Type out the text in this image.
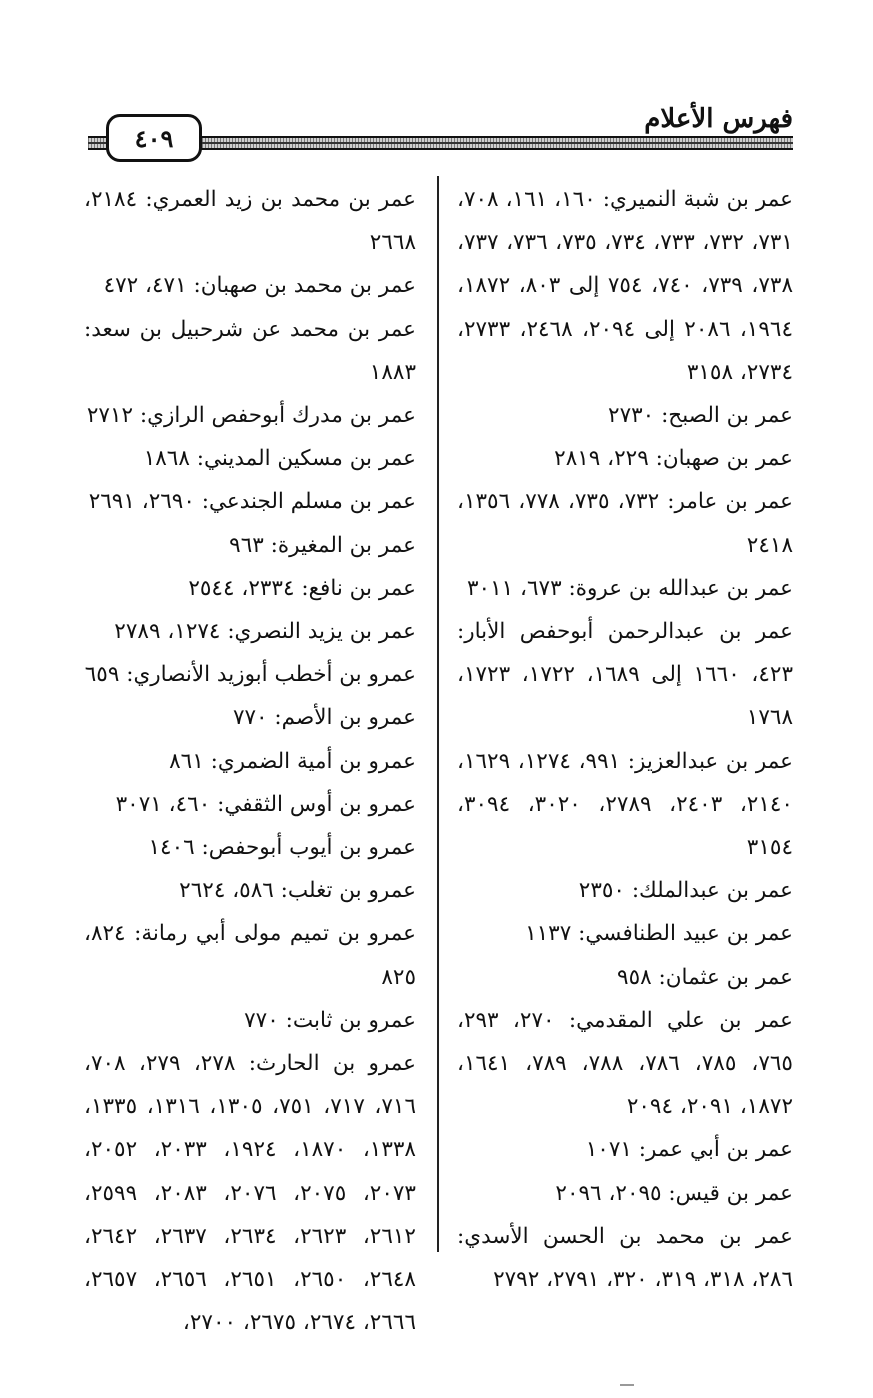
فهرس الأعلام
٤٠٩

عمر بن شبة النميري: ١٦٠، ١٦١، ٧٠٨، ٧٣١، ٧٣٢، ٧٣٣، ٧٣٤، ٧٣٥، ٧٣٦، ٧٣٧، ٧٣٨، ٧٣٩، ٧٤٠، ٧٥٤ إلى ٨٠٣، ١٨٧٢، ١٩٦٤، ٢٠٨٦ إلى ٢٠٩٤، ٢٤٦٨، ٢٧٣٣، ٢٧٣٤، ٣١٥٨

عمر بن الصبح: ٢٧٣٠

عمر بن صهبان: ٢٢٩، ٢٨١٩

عمر بن عامر: ٧٣٢، ٧٣٥، ٧٧٨، ١٣٥٦، ٢٤١٨

عمر بن عبدالله بن عروة: ٦٧٣، ٣٠١١

عمر بن عبدالرحمن أبوحفص الأبار: ٤٢٣، ١٦٦٠ إلى ١٦٨٩، ١٧٢٢، ١٧٢٣، ١٧٦٨

عمر بن عبدالعزيز: ٩٩١، ١٢٧٤، ١٦٢٩، ٢١٤٠، ٢٤٠٣، ٢٧٨٩، ٣٠٢٠، ٣٠٩٤، ٣١٥٤

عمر بن عبدالملك: ٢٣٥٠

عمر بن عبيد الطنافسي: ١١٣٧

عمر بن عثمان: ٩٥٨

عمر بن علي المقدمي: ٢٧٠، ٢٩٣، ٧٦٥، ٧٨٥، ٧٨٦، ٧٨٨، ٧٨٩، ١٦٤١، ١٨٧٢، ٢٠٩١، ٢٠٩٤

عمر بن أبي عمر: ١٠٧١

عمر بن قيس: ٢٠٩٥، ٢٠٩٦

عمر بن محمد بن الحسن الأسدي: ٢٨٦، ٣١٨، ٣١٩، ٣٢٠، ٢٧٩١، ٢٧٩٢

عمر بن محمد بن زيد العمري: ٢١٨٤، ٢٦٦٨

عمر بن محمد بن صهبان: ٤٧١، ٤٧٢

عمر بن محمد عن شرحبيل بن سعد: ١٨٨٣

عمر بن مدرك أبوحفص الرازي: ٢٧١٢

عمر بن مسكين المديني: ١٨٦٨

عمر بن مسلم الجندعي: ٢٦٩٠، ٢٦٩١

عمر بن المغيرة: ٩٦٣

عمر بن نافع: ٢٣٣٤، ٢٥٤٤

عمر بن يزيد النصري: ١٢٧٤، ٢٧٨٩

عمرو بن أخطب أبوزيد الأنصاري: ٦٥٩

عمرو بن الأصم: ٧٧٠

عمرو بن أمية الضمري: ٨٦١

عمرو بن أوس الثقفي: ٤٦٠، ٣٠٧١

عمرو بن أيوب أبوحفص: ١٤٠٦

عمرو بن تغلب: ٥٨٦، ٢٦٢٤

عمرو بن تميم مولى أبي رمانة: ٨٢٤، ٨٢٥

عمرو بن ثابت: ٧٧٠

عمرو بن الحارث: ٢٧٨، ٢٧٩، ٧٠٨، ٧١٦، ٧١٧، ٧٥١، ١٣٠٥، ١٣١٦، ١٣٣٥، ١٣٣٨، ١٨٧٠، ١٩٢٤، ٢٠٣٣، ٢٠٥٢، ٢٠٧٣، ٢٠٧٥، ٢٠٧٦، ٢٠٨٣، ٢٥٩٩، ٢٦١٢، ٢٦٢٣، ٢٦٣٤، ٢٦٣٧، ٢٦٤٢، ٢٦٤٨، ٢٦٥٠، ٢٦٥١، ٢٦٥٦، ٢٦٥٧، ٢٦٦٦، ٢٦٧٤، ٢٦٧٥، ٢٧٠٠،
